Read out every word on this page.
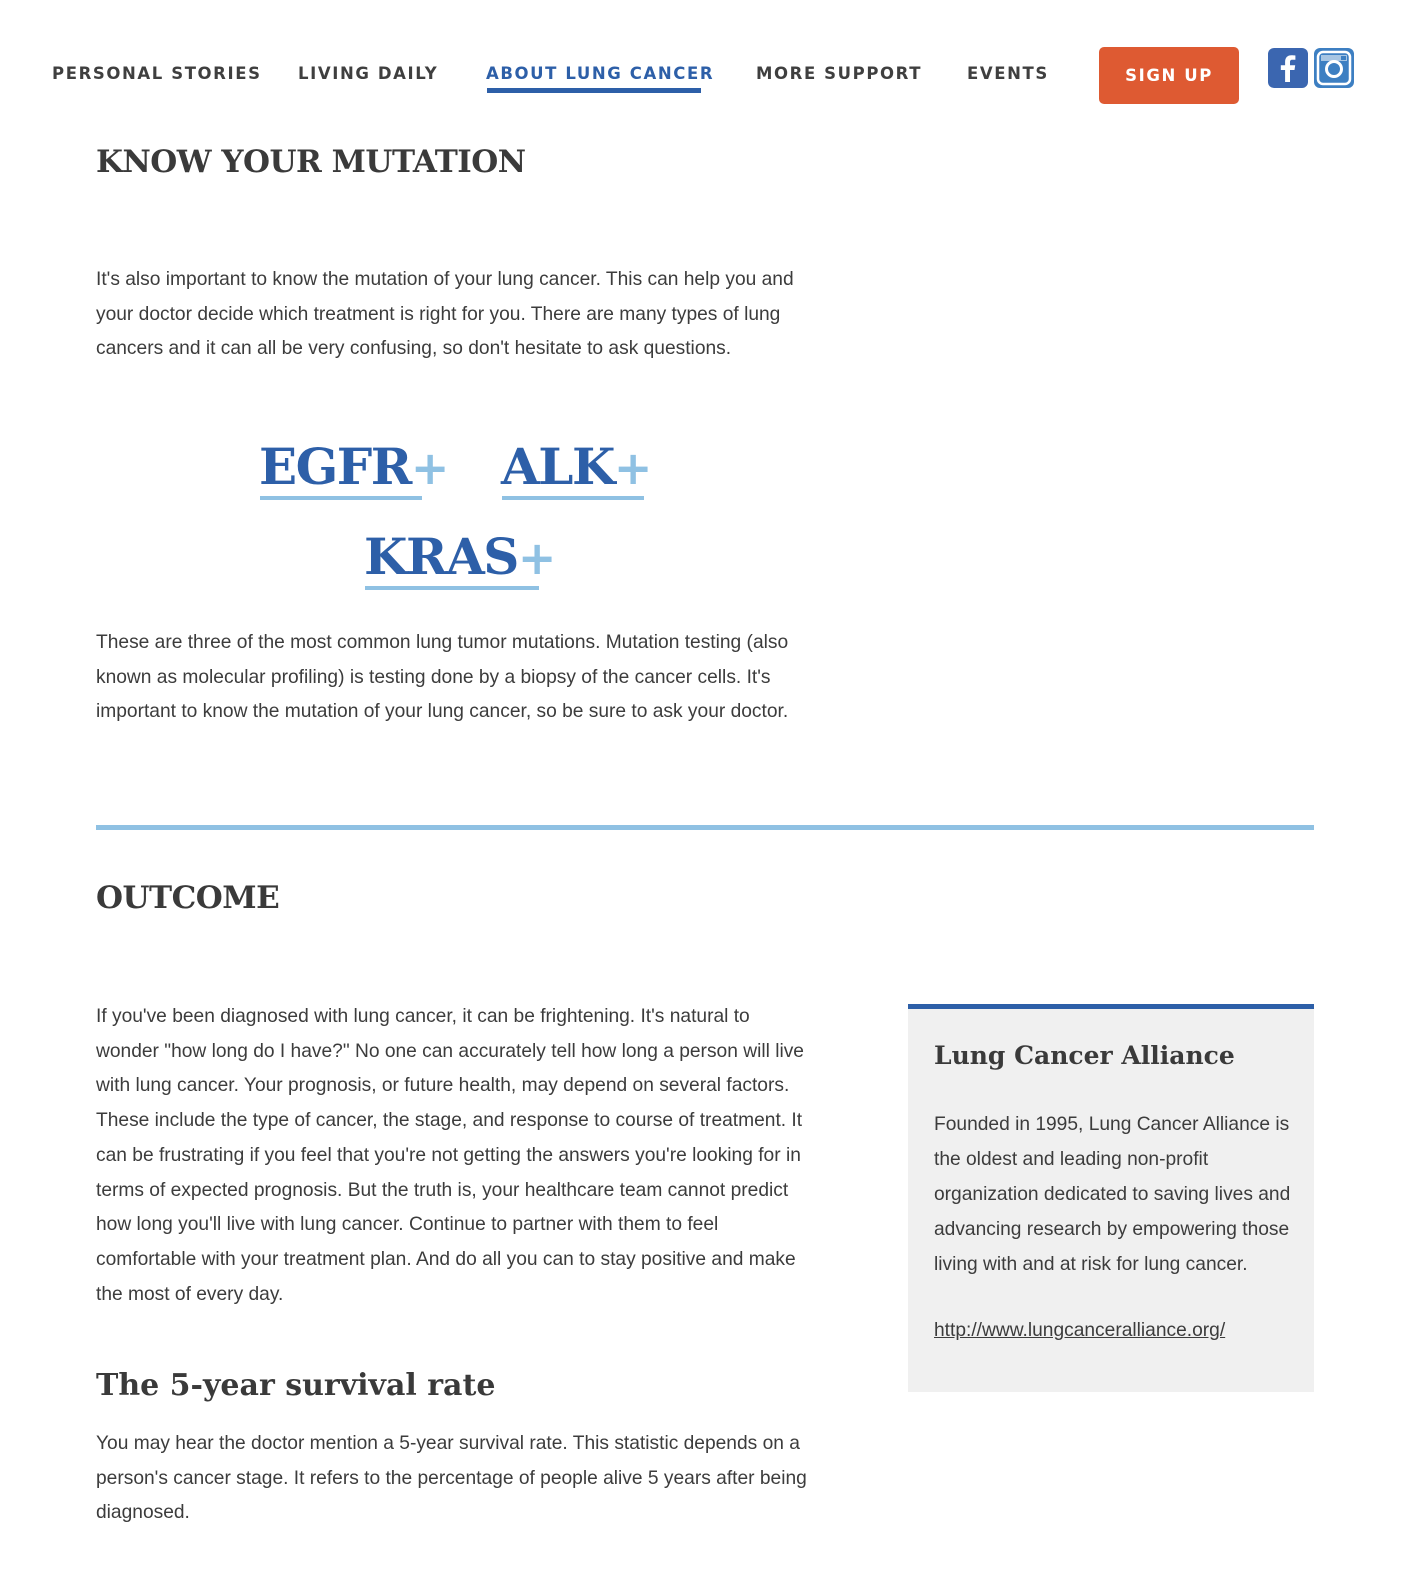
PERSONAL STORIES LIVING DAILY	ABOUT LUNG CANCER	MORE SUPPORT	EVENTS	SIGN UP
KNOW YOUR MUTATION

It's also important to know the mutation of your lung cancer. This can help you and your doctor decide which treatment is right for you. There are many types of lung cancers and it can all be very confusing, so don't hesitate to ask questions.

EGFR+ ALK+
KRAS+

These are three of the most common lung tumor mutations. Mutation testing (also known as molecular profiling) is testing done by a biopsy of the cancer cells. It's important to know the mutation of your lung cancer, so be sure to ask your doctor.

OUTCOME

If you've been diagnosed with lung cancer, it can be frightening. It's natural to wonder "how long do I have?" No one can accurately tell how long a person will live with lung cancer. Your prognosis, or future health, may depend on several factors. These include the type of cancer, the stage, and response to course of treatment. It can be frustrating if you feel that you're not getting the answers you're looking for in terms of expected prognosis. But the truth is, your healthcare team cannot predict how long you'll live with lung cancer. Continue to partner with them to feel comfortable with your treatment plan. And do all you can to stay positive and make the most of every day.

The 5-year survival rate

You may hear the doctor mention a 5-year survival rate. This statistic depends on a person's cancer stage. It refers to the percentage of people alive 5 years after being diagnosed.

Lung Cancer Alliance

Founded in 1995, Lung Cancer Alliance is the oldest and leading non-profit organization dedicated to saving lives and advancing research by empowering those living with and at risk for lung cancer.

http://www.lungcanceralliance.org/
